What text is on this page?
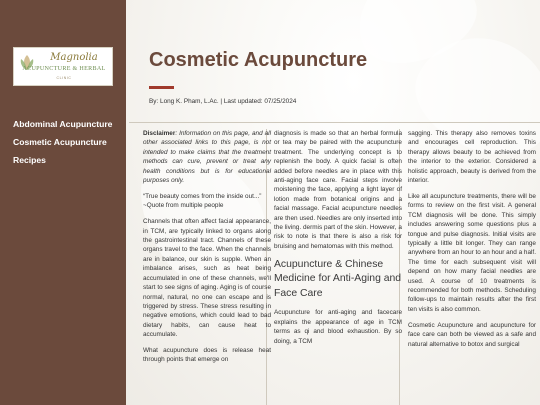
Magnolia
ACUPUNCTURE & HERBAL
CLINIC
Abdominal Acupuncture
Cosmetic Acupuncture
Recipes
Cosmetic Acupuncture
By: Long K. Pham, L.Ac. | Last updated: 07/25/2024

Disclaimer: Information on this page, and all other associated links to this page, is not intended to make claims that the treatment methods can cure, prevent or treat any health conditions but is for educational purposes only.

“True beauty comes from the inside out...” ~Quote from multiple people

Channels that often affect facial appearance, in TCM, are typically linked to organs along the gastrointestinal tract. Channels of these organs travel to the face. When the channels are in balance, our skin is supple. When an imbalance arises, such as heat being accumulated in one of these channels, we'll start to see signs of aging. Aging is of course normal, natural, no one can escape and is triggered by stress. These stress resulting in negative emotions, which could lead to bad dietary habits, can cause heat to accumulate.

What acupuncture does is release heat through points that emerge on

diagnosis is made so that an herbal formula or tea may be paired with the acupuncture treatment. The underlying concept is to replenish the body. A quick facial is often added before needles are in place with this anti-aging face care. Facial steps involve moistening the face, applying a light layer of lotion made from botanical origins and a facial massage. Facial acupuncture needles are then used. Needles are only inserted into the living. dermis part of the skin. However, a risk to note is that there is also a risk for bruising and hematomas with this method.

Acupuncture & Chinese Medicine for Anti-Aging and Face Care

Acupuncture for anti-aging and facecare explains the appearance of age in TCM terms as qi and blood exhaustion. By so doing, a TCM

sagging. This therapy also removes toxins and encourages cell reproduction. This therapy allows beauty to be achieved from the interior to the exterior. Considered a holistic approach, beauty is derived from the interior.

Like all acupuncture treatments, there will be forms to review on the first visit. A general TCM diagnosis will be done. This simply includes answering some questions plus a tongue and pulse diagnosis. Initial visits are typically a little bit longer. They can range anywhere from an hour to an hour and a half. The time for each subsequent visit will depend on how many facial needles are used. A course of 10 treatments is recommended for both methods. Scheduling follow-ups to maintain results after the first ten visits is also common.

Cosmetic Acupuncture and acupuncture for face care can both be viewed as a safe and natural alternative to botox and surgical
